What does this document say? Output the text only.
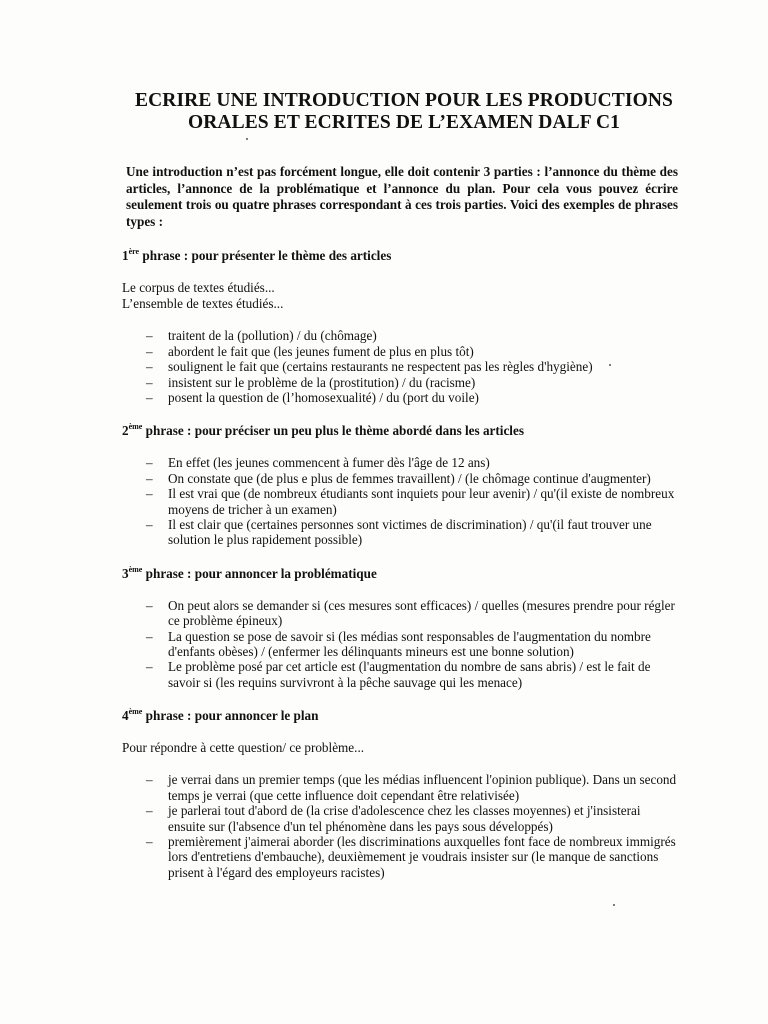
ECRIRE UNE INTRODUCTION POUR LES PRODUCTIONS
ORALES ET ECRITES DE L’EXAMEN DALF C1

Une introduction n’est pas forcément longue, elle doit contenir 3 parties : l’annonce du thème des articles, l’annonce de la problématique et l’annonce du plan. Pour cela vous pouvez écrire seulement trois ou quatre phrases correspondant à ces trois parties. Voici des exemples de phrases types :

1ère phrase : pour présenter le thème des articles

Le corpus de textes étudiés...

L’ensemble de textes étudiés...

– traitent de la (pollution) / du (chômage)
– abordent le fait que (les jeunes fument de plus en plus tôt)
– soulignent le fait que (certains restaurants ne respectent pas les règles d'hygiène)
– insistent sur le problème de la (prostitution) / du (racisme)
– posent la question de (l’homosexualité) / du (port du voile)
2ème phrase : pour préciser un peu plus le thème abordé dans les articles
– En effet (les jeunes commencent à fumer dès l'âge de 12 ans)
– On constate que (de plus e plus de femmes travaillent) / (le chômage continue d'augmenter)
– Il est vrai que (de nombreux étudiants sont inquiets pour leur avenir) / qu'(il existe de nombreux moyens de tricher à un examen)
– Il est clair que (certaines personnes sont victimes de discrimination) / qu'(il faut trouver une solution le plus rapidement possible)
3ème phrase : pour annoncer la problématique
– On peut alors se demander si (ces mesures sont efficaces) / quelles (mesures prendre pour régler ce problème épineux)
– La question se pose de savoir si (les médias sont responsables de l'augmentation du nombre d'enfants obèses) / (enfermer les délinquants mineurs est une bonne solution)
– Le problème posé par cet article est (l'augmentation du nombre de sans abris) / est le fait de savoir si (les requins survivront à la pêche sauvage qui les menace)
4ème phrase : pour annoncer le plan

Pour répondre à cette question/ ce problème...

– je verrai dans un premier temps (que les médias influencent l'opinion publique). Dans un second temps je verrai (que cette influence doit cependant être relativisée)
– je parlerai tout d'abord de (la crise d'adolescence chez les classes moyennes) et j'insisterai ensuite sur (l'absence d'un tel phénomène dans les pays sous développés)
– premièrement j'aimerai aborder (les discriminations auxquelles font face de nombreux immigrés lors d'entretiens d'embauche), deuxièmement je voudrais insister sur (le manque de sanctions prisent à l'égard des employeurs racistes)
